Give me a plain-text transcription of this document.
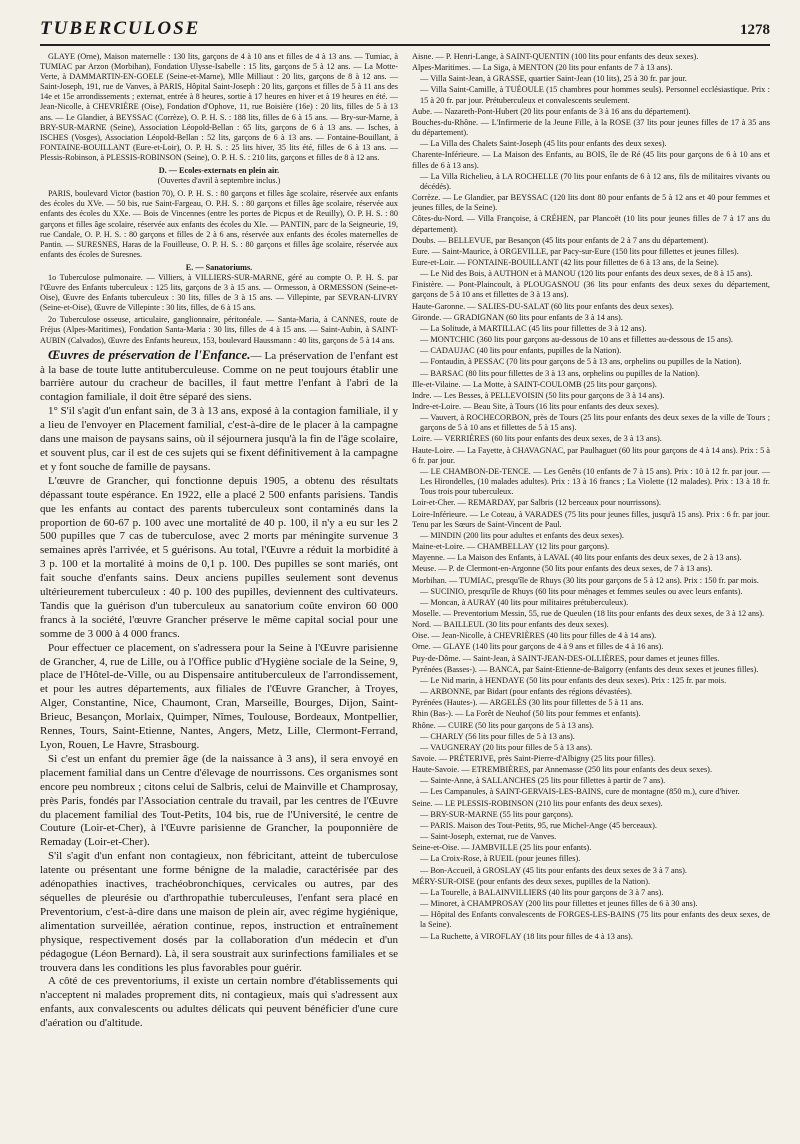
TUBERCULOSE	1278

GLAYE (Orne), Maison maternelle : 130 lits, garçons de 4 à 10 ans et filles de 4 à 13 ans. — Tumiac, à TUMIAC par Arzon (Morbihan), Fondation Ulysse-Isabelle : 15 lits, garçons de 5 à 12 ans. — La Motte-Verte, à DAMMARTIN-EN-GOELE (Seine-et-Marne), Mlle Milliaut : 20 lits, garçons de 8 à 12 ans. — Saint-Joseph, 191, rue de Vanves, à PARIS, Hôpital Saint-Joseph : 20 lits, garçons et filles de 5 à 11 ans des 14e et 15e arrondissements ; externat, entrée à 8 heures, sortie à 17 heures en hiver et à 19 heures en été. — Jean-Nicolle, à CHEVRIÈRE (Oise), Fondation d'Ophove, 11, rue Boisière (16e) : 20 lits, filles de 5 à 13 ans. — Le Glandier, à BEYSSAC (Corrèze), O. P. H. S. : 188 lits, filles de 6 à 15 ans. — Bry-sur-Marne, à BRY-SUR-MARNE (Seine), Association Léopold-Bellan : 65 lits, garçons de 6 à 13 ans. — Isches, à ISCHES (Vosges), Association Léopold-Bellan : 52 lits, garçons de 6 à 13 ans. — Fontaine-Bouillant, à FONTAINE-BOUILLANT (Eure-et-Loir), O. P. H. S. : 25 lits hiver, 35 lits été, filles de 6 à 13 ans. — Plessis-Robinson, à PLESSIS-ROBINSON (Seine), O. P. H. S. : 210 lits, garçons et filles de 8 à 12 ans.

D. — Ecoles-externats en plein air.

(Ouvertes d'avril à septembre inclus.)

PARIS, boulevard Victor (bastion 70), O. P. H. S. : 80 garçons et filles âge scolaire, réservée aux enfants des écoles du XVe. — 50 bis, rue Saint-Fargeau, O. P.H. S. : 80 garçons et filles âge scolaire, réservée aux enfants des écoles du XXe. — Bois de Vincennes (entre les portes de Picpus et de Reuilly), O. P. H. S. : 80 garçons et filles âge scolaire, réservée aux enfants des écoles du XIe. — PANTIN, parc de la Seigneurie, 19, rue Candale, O. P. H. S. : 80 garçons et filles de 2 à 6 ans, réservée aux enfants des écoles maternelles de Pantin. — SURESNES, Haras de la Fouilleuse, O. P. H. S. : 80 garçons et filles âge scolaire, réservée aux enfants des écoles de Suresnes.

E. — Sanatoriums.

1o Tuberculose pulmonaire. — Villiers, à VILLIERS-SUR-MARNE, géré au compte O. P. H. S. par l'Œuvre des Enfants tuberculeux : 125 lits, garçons de 3 à 15 ans. — Ormesson, à ORMESSON (Seine-et-Oise), Œuvre des Enfants tuberculeux : 30 lits, filles de 3 à 15 ans. — Villepinte, par SEVRAN-LIVRY (Seine-et-Oise), Œuvre de Villepinte : 30 lits, filles, de 6 à 15 ans.

2o Tuberculose osseuse, articulaire, ganglionnaire, péritonéale. — Santa-Maria, à CANNES, route de Fréjus (Alpes-Maritimes), Fondation Santa-Maria : 30 lits, filles de 4 à 15 ans. — Saint-Aubin, à SAINT-AUBIN (Calvados), Œuvre des Enfants heureux, 153, boulevard Haussmann : 40 lits, garçons de 5 à 14 ans.

Œuvres de préservation de l'Enfance.— La préservation de l'enfant est à la base de toute lutte antituberculeuse. Comme on ne peut toujours établir une barrière autour du cracheur de bacilles, il faut mettre l'enfant à l'abri de la contagion familiale, il doit être séparé des siens.

1° S'il s'agit d'un enfant sain, de 3 à 13 ans, exposé à la contagion familiale, il y a lieu de l'envoyer en Placement familial, c'est-à-dire de le placer à la campagne dans une maison de paysans sains, où il séjournera jusqu'à la fin de l'âge scolaire, et souvent plus, car il est de ces sujets qui se fixent définitivement à la campagne et y font souche de famille de paysans.

L'œuvre de Grancher, qui fonctionne depuis 1905, a obtenu des résultats dépassant toute espérance. En 1922, elle a placé 2 500 enfants parisiens. Tandis que les enfants au contact des parents tuberculeux sont contaminés dans la proportion de 60-67 p. 100 avec une mortalité de 40 p. 100, il n'y a eu sur les 2 500 pupilles que 7 cas de tuberculose, avec 2 morts par méningite survenue 3 semaines après l'arrivée, et 5 guérisons. Au total, l'Œuvre a réduit la morbidité à 3 p. 100 et la mortalité à moins de 0,1 p. 100. Des pupilles se sont mariés, ont fait souche d'enfants sains. Deux anciens pupilles seulement sont devenus ultérieurement tuberculeux : 40 p. 100 des pupilles, deviennent des cultivateurs. Tandis que la guérison d'un tuberculeux au sanatorium coûte environ 60 000 francs à la société, l'œuvre Grancher préserve le même capital social pour une somme de 3 000 à 4 000 francs.

Pour effectuer ce placement, on s'adressera pour la Seine à l'Œuvre parisienne de Grancher, 4, rue de Lille, ou à l'Office public d'Hygiène sociale de la Seine, 9, place de l'Hôtel-de-Ville, ou au Dispensaire antituberculeux de l'arrondissement, et pour les autres départements, aux filiales de l'Œuvre Grancher, à Troyes, Alger, Constantine, Nice, Chaumont, Cran, Marseille, Bourges, Dijon, Saint-Brieuc, Besançon, Morlaix, Quimper, Nîmes, Toulouse, Bordeaux, Montpellier, Rennes, Tours, Saint-Etienne, Nantes, Angers, Metz, Lille, Clermont-Ferrand, Lyon, Rouen, Le Havre, Strasbourg.

Si c'est un enfant du premier âge (de la naissance à 3 ans), il sera envoyé en placement familial dans un Centre d'élevage de nourrissons. Ces organismes sont encore peu nombreux ; citons celui de Salbris, celui de Mainville et Champrosay, près Paris, fondés par l'Association centrale du travail, par les centres de l'Œuvre du placement familial des Tout-Petits, 104 bis, rue de l'Université, le centre de Couture (Loir-et-Cher), à l'Œuvre parisienne de Grancher, la pouponnière de Remaday (Loir-et-Cher).

S'il s'agit d'un enfant non contagieux, non fébricitant, atteint de tuberculose latente ou présentant une forme bénigne de la maladie, caractérisée par des adénopathies inactives, trachéobronchiques, cervicales ou autres, par des séquelles de pleurésie ou d'arthropathie tuberculeuses, l'enfant sera placé en Preventorium, c'est-à-dire dans une maison de plein air, avec régime hygiénique, alimentation surveillée, aération continue, repos, instruction et entraînement physique, respectivement dosés par la collaboration d'un médecin et d'un pédagogue (Léon Bernard). Là, il sera soustrait aux surinfections familiales et se trouvera dans les conditions les plus favorables pour guérir.

A côté de ces preventoriums, il existe un certain nombre d'établissements qui n'acceptent ni malades proprement dits, ni contagieux, mais qui s'adressent aux enfants, aux convalescents ou adultes délicats qui peuvent bénéficier d'une cure d'aération ou d'altitude.

Aisne. — P. Henri-Lange, à SAINT-QUENTIN (100 lits pour enfants des deux sexes).

Alpes-Maritimes. — La Siga, à MENTON (20 lits pour enfants de 7 à 13 ans).

— Villa Saint-Jean, à GRASSE, quartier Saint-Jean (10 lits), 25 à 30 fr. par jour.

— Villa Saint-Camille, à TUÉOULE (15 chambres pour hommes seuls). Personnel ecclésiastique. Prix : 15 à 20 fr. par jour. Prétuberculeux et convalescents seulement.

Aube. — Nazareth-Pont-Hubert (20 lits pour enfants de 3 à 16 ans du département).

Bouches-du-Rhône. — L'Infirmerie de la Jeune Fille, à la ROSE (37 lits pour jeunes filles de 17 à 35 ans du département).

— La Villa des Chalets Saint-Joseph (45 lits pour enfants des deux sexes).

Charente-Inférieure. — La Maison des Enfants, au BOIS, île de Ré (45 lits pour garçons de 6 à 10 ans et filles de 6 à 13 ans).

— La Villa Richelieu, à LA ROCHELLE (70 lits pour enfants de 6 à 12 ans, fils de militaires vivants ou décédés).

Corrèze. — Le Glandier, par BEYSSAC (120 lits dont 80 pour enfants de 5 à 12 ans et 40 pour femmes et jeunes filles, de la Seine).

Côtes-du-Nord. — Villa Françoise, à CRÉHEN, par Plancoët (10 lits pour jeunes filles de 7 à 17 ans du département).

Doubs. — BELLEVUE, par Besançon (45 lits pour enfants de 2 à 7 ans du département).

Eure. — Saint-Maurice, à ORGEVILLE, par Pacy-sur-Eure (150 lits pour fillettes et jeunes filles).

Eure-et-Loir. — FONTAINE-BOUILLANT (42 lits pour fillettes de 6 à 13 ans, de la Seine).

— Le Nid des Bois, à AUTHON et à MANOU (120 lits pour enfants des deux sexes, de 8 à 15 ans).

Finistère. — Pont-Plaincoult, à PLOUGASNOU (36 lits pour enfants des deux sexes du département, garçons de 5 à 10 ans et fillettes de 3 à 13 ans).

Haute-Garonne. — SALIES-DU-SALAT (60 lits pour enfants des deux sexes).

Gironde. — GRADIGNAN (60 lits pour enfants de 3 à 14 ans).

— La Solitude, à MARTILLAC (45 lits pour fillettes de 3 à 12 ans).

— MONTCHIC (360 lits pour garçons au-dessous de 10 ans et fillettes au-dessous de 15 ans).

— CADAUJAC (40 lits pour enfants, pupilles de la Nation).

— Fontaudin, à PESSAC (70 lits pour garçons de 5 à 13 ans, orphelins ou pupilles de la Nation).

— BARSAC (80 lits pour fillettes de 3 à 13 ans, orphelins ou pupilles de la Nation).

Ille-et-Vilaine. — La Motte, à SAINT-COULOMB (25 lits pour garçons).

Indre. — Les Besses, à PELLEVOISIN (50 lits pour garçons de 3 à 14 ans).

Indre-et-Loire. — Beau Site, à Tours (16 lits pour enfants des deux sexes).

— Vauvert, à ROCHECORBON, près de Tours (25 lits pour enfants des deux sexes de la ville de Tours ; garçons de 5 à 10 ans et fillettes de 5 à 15 ans).

Loire. — VERRIÈRES (60 lits pour enfants des deux sexes, de 3 à 13 ans).

Haute-Loire. — La Fayette, à CHAVAGNAC, par Paulhaguet (60 lits pour garçons de 4 à 14 ans). Prix : 5 à 6 fr. par jour.

— LE CHAMBON-DE-TENCE. — Les Genêts (10 enfants de 7 à 15 ans). Prix : 10 à 12 fr. par jour. — Les Hirondelles, (10 malades adultes). Prix : 13 à 16 francs ; La Violette (12 malades). Prix : 13 à 18 fr. Tous trois pour tuberculeux.

Loir-et-Cher. — REMARDAY, par Salbris (12 berceaux pour nourrissons).

Loire-Inférieure. — Le Coteau, à VARADES (75 lits pour jeunes filles, jusqu'à 15 ans). Prix : 6 fr. par jour. Tenu par les Sœurs de Saint-Vincent de Paul.

— MINDIN (200 lits pour adultes et enfants des deux sexes).

Maine-et-Loire. — CHAMBELLAY (12 lits pour garçons).

Mayenne. — La Maison des Enfants, à LAVAL (40 lits pour enfants des deux sexes, de 2 à 13 ans).

Meuse. — P. de Clermont-en-Argonne (50 lits pour enfants des deux sexes, de 7 à 13 ans).

Morbihan. — TUMIAC, presqu'île de Rhuys (30 lits pour garçons de 5 à 12 ans). Prix : 150 fr. par mois.

— SUCINIO, presqu'île de Rhuys (60 lits pour ménages et femmes seules ou avec leurs enfants).

— Moncan, à AURAY (40 lits pour militaires prétuberculeux).

Moselle. — Preventorium Messin, 55, rue de Queulen (18 lits pour enfants des deux sexes, de 3 à 12 ans).

Nord. — BAILLEUL (30 lits pour enfants des deux sexes).

Oise. — Jean-Nicolle, à CHEVRIÈRES (40 lits pour filles de 4 à 14 ans).

Orne. — GLAYE (140 lits pour garçons de 4 à 9 ans et filles de 4 à 16 ans).

Puy-de-Dôme. — Saint-Jean, à SAINT-JEAN-DES-OLLIÈRES, pour dames et jeunes filles.

Pyrénées (Basses-). — BANCA, par Saint-Etienne-de-Baïgorry (enfants des deux sexes et jeunes filles).

— Le Nid marin, à HENDAYE (50 lits pour enfants des deux sexes). Prix : 125 fr. par mois.

— ARBONNE, par Bidart (pour enfants des régions dévastées).

Pyrénées (Hautes-). — ARGELÈS (30 lits pour fillettes de 5 à 11 ans.

Rhin (Bas-). — La Forêt de Neuhof (50 lits pour femmes et enfants).

Rhône. — CUIRE (50 lits pour garçons de 5 à 13 ans).

— CHARLY (56 lits pour filles de 5 à 13 ans).

— VAUGNERAY (20 lits pour filles de 5 à 13 ans).

Savoie. — PRÉTERIVE, près Saint-Pierre-d'Albigny (25 lits pour filles).

Haute-Savoie. — ETREMBIÈRES, par Annemasse (250 lits pour enfants des deux sexes).

— Sainte-Anne, à SALLANCHES (25 lits pour fillettes à partir de 7 ans).

— Les Campanules, à SAINT-GERVAIS-LES-BAINS, cure de montagne (850 m.), cure d'hiver.

Seine. — LE PLESSIS-ROBINSON (210 lits pour enfants des deux sexes).

— BRY-SUR-MARNE (55 lits pour garçons).

— PARIS. Maison des Tout-Petits, 95, rue Michel-Ange (45 berceaux).

— Saint-Joseph, externat, rue de Vanves.

Seine-et-Oise. — JAMBVILLE (25 lits pour enfants).

— La Croix-Rose, à RUEIL (pour jeunes filles).

— Bon-Accueil, à GROSLAY (45 lits pour enfants des deux sexes de 3 à 7 ans).

MÉRY-SUR-OISE (pour enfants des deux sexes, pupilles de la Nation).

— La Tourelle, à BALAINVILLIERS (40 lits pour garçons de 3 à 7 ans).

— Minoret, à CHAMPROSAY (200 lits pour fillettes et jeunes filles de 6 à 30 ans).

— Hôpital des Enfants convalescents de FORGES-LES-BAINS (75 lits pour enfants des deux sexes, de la Seine).

— La Ruchette, à VIROFLAY (18 lits pour filles de 4 à 13 ans).
